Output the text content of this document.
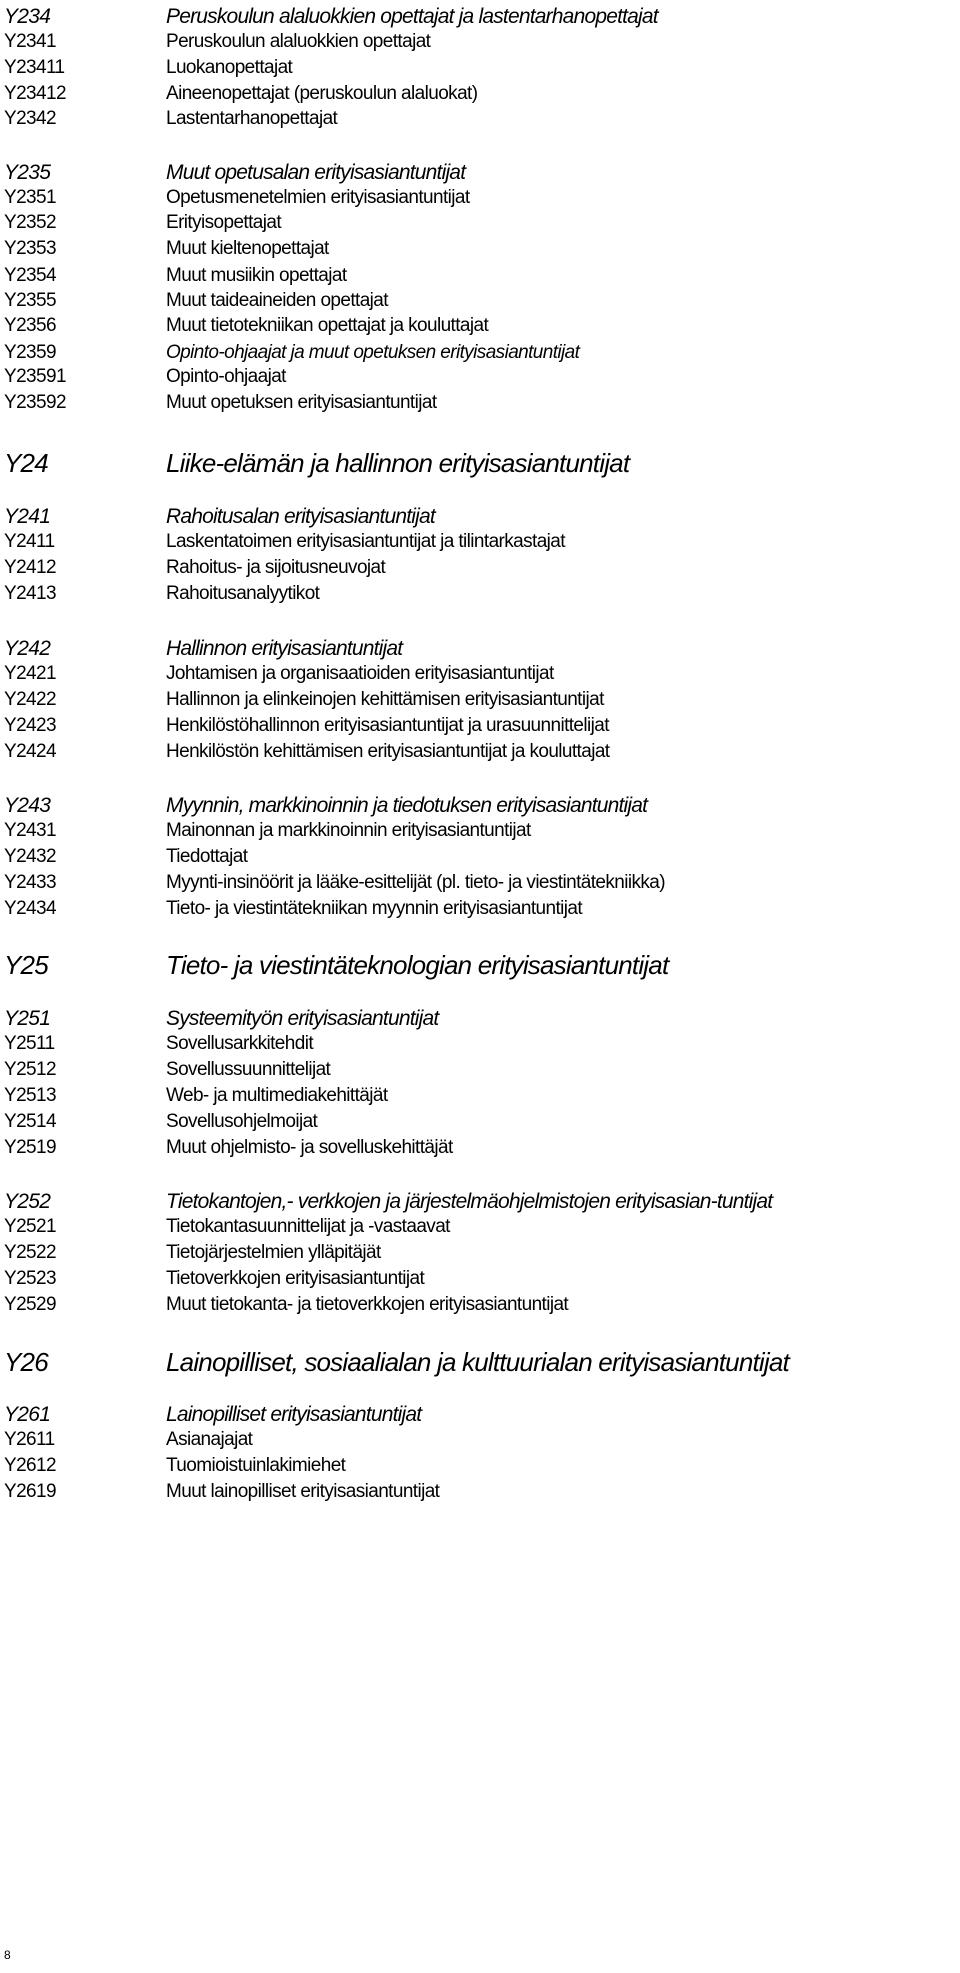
Y234	Peruskoulun alaluokkien opettajat ja lastentarhanopettajat
Y2341	Peruskoulun alaluokkien opettajat
Y23411	Luokanopettajat
Y23412	Aineenopettajat (peruskoulun alaluokat)
Y2342	Lastentarhanopettajat
Y235	Muut opetusalan erityisasiantuntijat
Y2351	Opetusmenetelmien erityisasiantuntijat
Y2352	Erityisopettajat
Y2353	Muut kieltenopettajat
Y2354	Muut musiikin opettajat
Y2355	Muut taideaineiden opettajat
Y2356	Muut tietotekniikan opettajat ja kouluttajat
Y2359	Opinto-ohjaajat ja muut opetuksen erityisasiantuntijat
Y23591	Opinto-ohjaajat
Y23592	Muut opetuksen erityisasiantuntijat
Y24	Liike-elämän ja hallinnon erityisasiantuntijat
Y241	Rahoitusalan erityisasiantuntijat
Y2411	Laskentatoimen erityisasiantuntijat ja tilintarkastajat
Y2412	Rahoitus- ja sijoitusneuvojat
Y2413	Rahoitusanalyytikot
Y242	Hallinnon erityisasiantuntijat
Y2421	Johtamisen ja organisaatioiden erityisasiantuntijat
Y2422	Hallinnon ja elinkeinojen kehittämisen erityisasiantuntijat
Y2423	Henkilöstöhallinnon erityisasiantuntijat ja urasuunnittelijat
Y2424	Henkilöstön kehittämisen erityisasiantuntijat ja kouluttajat
Y243	Myynnin, markkinoinnin ja tiedotuksen erityisasiantuntijat
Y2431	Mainonnan ja markkinoinnin erityisasiantuntijat
Y2432	Tiedottajat
Y2433	Myynti-insinöörit ja lääke-esittelijät (pl. tieto- ja viestintätekniikka)
Y2434	Tieto- ja viestintätekniikan myynnin erityisasiantuntijat
Y25	Tieto- ja viestintäteknologian erityisasiantuntijat
Y251	Systeemityön erityisasiantuntijat
Y2511	Sovellusarkkitehdit
Y2512	Sovellussuunnittelijat
Y2513	Web- ja multimediakehittäjät
Y2514	Sovellusohjelmoijat
Y2519	Muut ohjelmisto- ja sovelluskehittäjät
Y252	Tietokantojen,- verkkojen ja järjestelmäohjelmistojen erityisasian-tuntijat
Y2521	Tietokantasuunnittelijat ja -vastaavat
Y2522	Tietojärjestelmien ylläpitäjät
Y2523	Tietoverkkojen erityisasiantuntijat
Y2529	Muut tietokanta- ja tietoverkkojen erityisasiantuntijat
Y26	Lainopilliset, sosiaalialan ja kulttuurialan erityisasiantuntijat
Y261	Lainopilliset erityisasiantuntijat
Y2611	Asianajajat
Y2612	Tuomioistuinlakimiehet
Y2619	Muut lainopilliset erityisasiantuntijat
8
